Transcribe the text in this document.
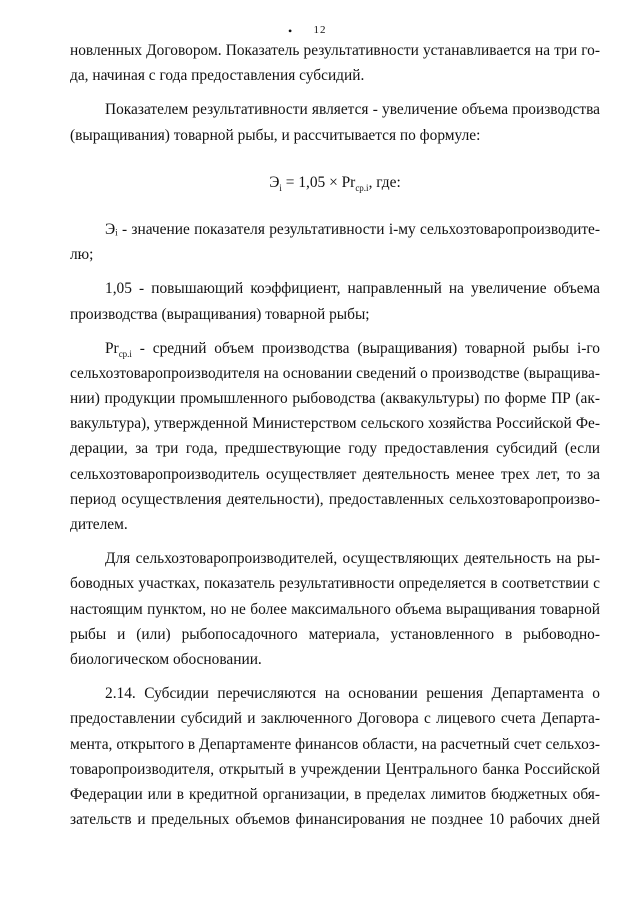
•	12
новленных Договором. Показатель результативности устанавливается на три го-
да, начиная с года предоставления субсидий.
Показателем результативности является - увеличение объема производства
(выращивания) товарной рыбы, и рассчитывается по формуле:
$Э_i = 1,05 \times Pr_{ср.i}$, где:
Эᵢ - значение показателя результативности i-му сельхозтоваропроизводите-
лю;
1,05 - повышающий коэффициент, направленный на увеличение объема
производства (выращивания) товарной рыбы;
$Pr_{ср.i}$ - средний объем производства (выращивания) товарной рыбы i-го
сельхозтоваропроизводителя на основании сведений о производстве (выращива-
нии) продукции промышленного рыбоводства (аквакультуры) по форме ПР (ак-
вакультура), утвержденной Министерством сельского хозяйства Российской Фе-
дерации, за три года, предшествующие году предоставления субсидий (если
сельхозтоваропроизводитель осуществляет деятельность менее трех лет, то за
период осуществления деятельности), предоставленных сельхозтоваропроизво-
дителем.
Для сельхозтоваропроизводителей, осуществляющих деятельность на ры-
боводных участках, показатель результативности определяется в соответствии с
настоящим пунктом, но не более максимального объема выращивания товарной
рыбы и (или) рыбопосадочного материала, установленного в рыбоводно-
биологическом обосновании.
2.14. Субсидии перечисляются на основании решения Департамента о
предоставлении субсидий и заключенного Договора с лицевого счета Департа-
мента, открытого в Департаменте финансов области, на расчетный счет сельхоз-
товаропроизводителя, открытый в учреждении Центрального банка Российской
Федерации или в кредитной организации, в пределах лимитов бюджетных обя-
зательств и предельных объемов финансирования не позднее 10 рабочих дней
